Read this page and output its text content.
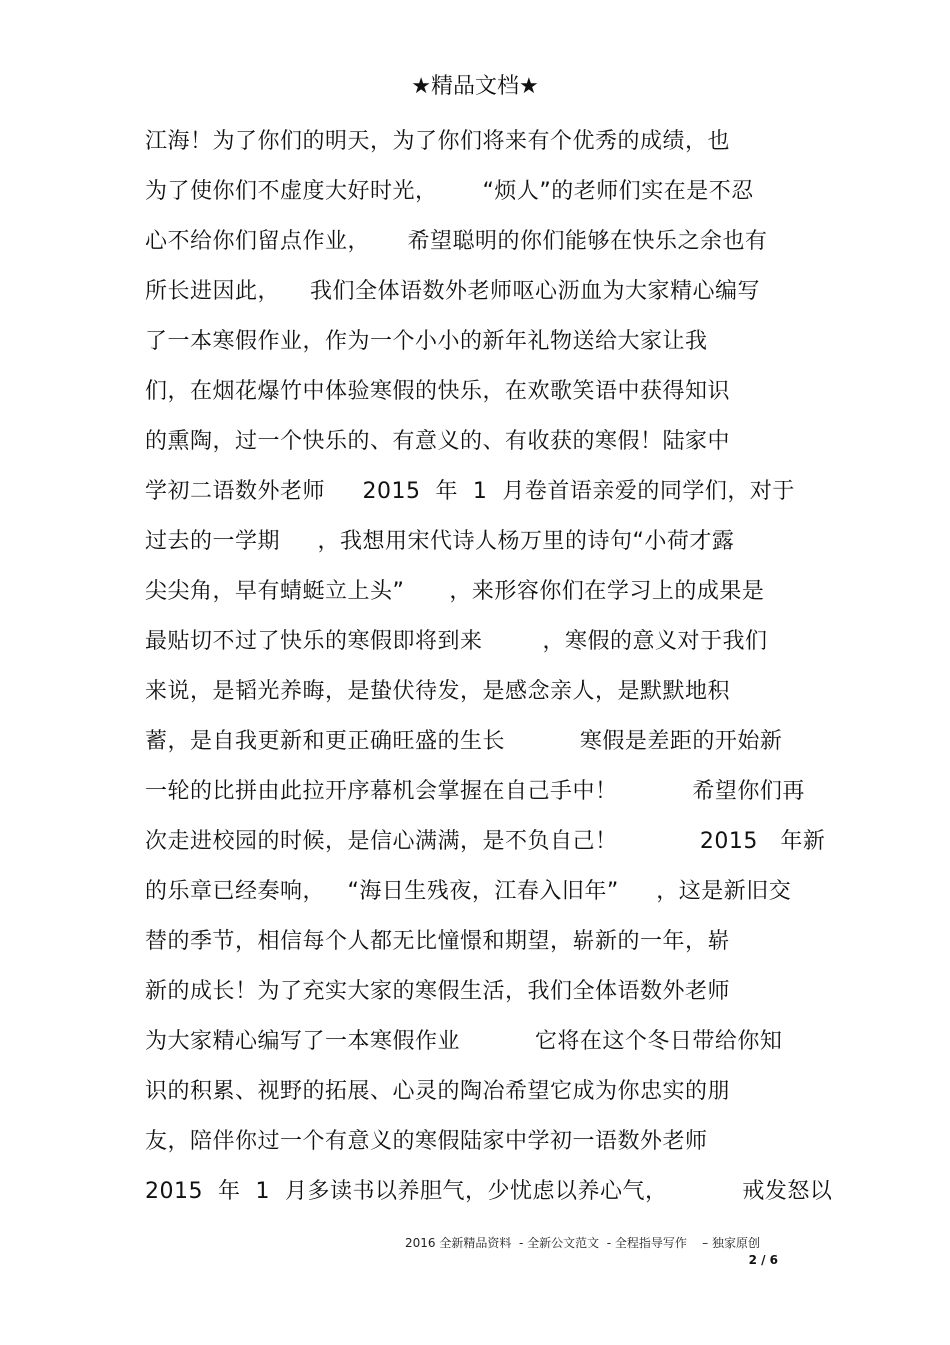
★精品文档★
江海！为了你们的明天，为了你们将来有个优秀的成绩，也
为了使你们不虚度大好时光，      “烦人”的老师们实在是不忍
心不给你们留点作业，     希望聪明的你们能够在快乐之余也有
所长进因此，    我们全体语数外老师呕心沥血为大家精心编写
了一本寒假作业，作为一个小小的新年礼物送给大家让我
们，在烟花爆竹中体验寒假的快乐，在欢歌笑语中获得知识
的熏陶，过一个快乐的、有意义的、有收获的寒假！陆家中
学初二语数外老师     2015  年  1  月卷首语亲爱的同学们，对于
过去的一学期     ，我想用宋代诗人杨万里的诗句“小荷才露
尖尖角，早有蜻蜓立上头”      ，来形容你们在学习上的成果是
最贴切不过了快乐的寒假即将到来        ，寒假的意义对于我们
来说，是韬光养晦，是蛰伏待发，是感念亲人，是默默地积
蓄，是自我更新和更正确旺盛的生长          寒假是差距的开始新
一轮的比拼由此拉开序幕机会掌握在自己手中！          希望你们再
次走进校园的时候，是信心满满，是不负自己！           2015   年新
的乐章已经奏响，   “海日生残夜，江春入旧年”     ，这是新旧交
替的季节，相信每个人都无比憧憬和期望，崭新的一年，崭
新的成长！为了充实大家的寒假生活，我们全体语数外老师
为大家精心编写了一本寒假作业          它将在这个冬日带给你知
识的积累、视野的拓展、心灵的陶冶希望它成为你忠实的朋
友，陪伴你过一个有意义的寒假陆家中学初一语数外老师
2015  年  1  月多读书以养胆气，少忧虑以养心气，          戒发怒以
2016 全新精品资料  - 全新公文范文  - 全程指导写作    – 独家原创
2 / 6
